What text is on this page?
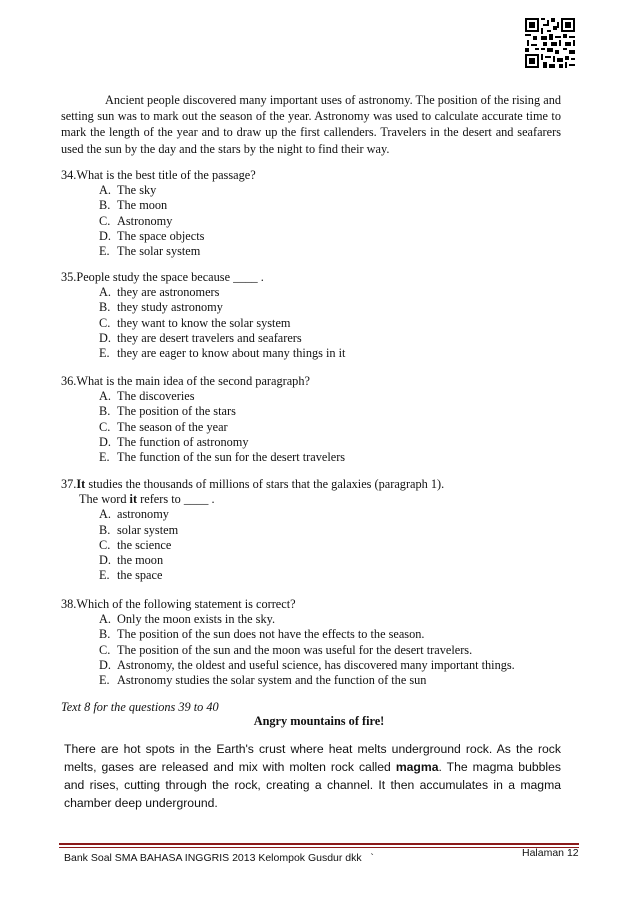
Ancient people discovered many important uses of astronomy. The position of the rising and setting sun was to mark out the season of the year. Astronomy was used to calculate accurate time to mark the length of the year and to draw up the first callenders. Travelers in the desert and seafarers used the sun by the day and the stars by the night to find their way.

34.What is the best title of the passage?
A. The sky
B. The moon
C. Astronomy
D. The space objects
E. The solar system
35.People study the space because ____ .
A. they are astronomers
B. they study astronomy
C. they want to know the solar system
D. they are desert travelers and seafarers
E. they are eager to know about many things in it
36.What is the main idea of the second paragraph?
A. The discoveries
B. The position of the stars
C. The season of the year
D. The function of astronomy
E. The function of the sun for the desert travelers
37.It studies the thousands of millions of stars that the galaxies (paragraph 1).
The word it refers to ____ .
A. astronomy
B. solar system
C. the science
D. the moon
E. the space
38.Which of the following statement is correct?
A. Only the moon exists in the sky.
B. The position of the sun does not have the effects to the season.
C. The position of the sun and the moon was useful for the desert travelers.
D. Astronomy, the oldest and useful science, has discovered many important things.
E. Astronomy studies the solar system and the function of the sun
Text 8 for the questions 39 to 40
Angry mountains of fire!

There are hot spots in the Earth's crust where heat melts underground rock. As the rock melts, gases are released and mix with molten rock called magma. The magma bubbles and rises, cutting through the rock, creating a channel. It then accumulates in a magma chamber deep underground.

Bank Soal SMA BAHASA INGGRIS 2013 Kelompok Gusdur dkk `	Halaman 12
